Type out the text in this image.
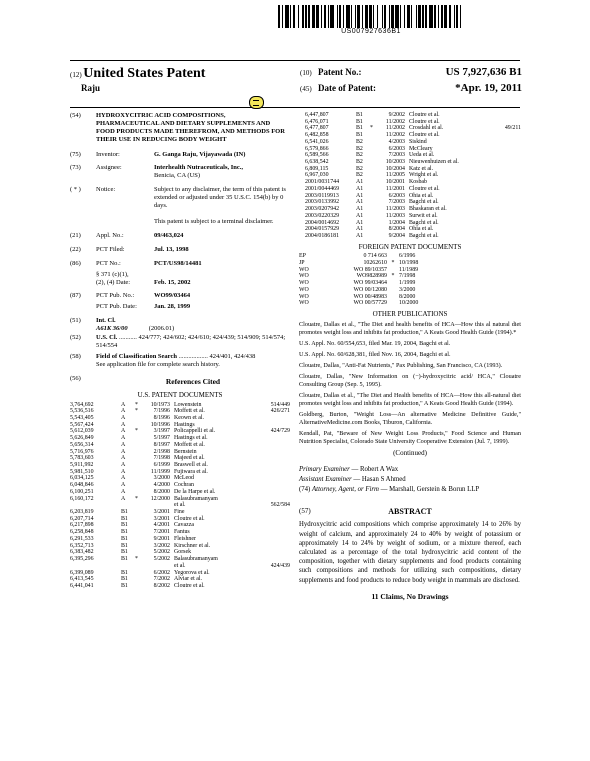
US007927636B1
(12) United States Patent
Raju
(10) Patent No.:	US 7,927,636 B1
(45) Date of Patent:	*Apr. 19, 2011
(54)	HYDROXYCITRIC ACID COMPOSITIONS, PHARMACEUTICAL AND DIETARY SUPPLEMENTS AND FOOD PRODUCTS MADE THEREFROM, AND METHODS FOR THEIR USE IN REDUCING BODY WEIGHT
(75)	Inventor:	G. Ganga Raju, Vijayawada (IN)
(73)	Assignee:	Interhealth Nutraceuticals, Inc.,
Benicia, CA (US)
( * )	Notice:	Subject to any disclaimer, the term of this patent is extended or adjusted under 35 U.S.C. 154(b) by 0 days.

This patent is subject to a terminal disclaimer.
(21)	Appl. No.:	09/463,024
(22)	PCT Filed:	Jul. 13, 1998
(86)	PCT No.:	PCT/US98/14481
§ 371 (c)(1),
(2), (4) Date:	Feb. 15, 2002
(87)	PCT Pub. No.:	WO99/03464
PCT Pub. Date:	Jan. 28, 1999
(51)	Int. Cl.
A61K 36/00	(2006.01)
(52)	U.S. Cl. ........... 424/777; 424/602; 424/610; 424/439; 514/909; 514/574; 514/554
(58)	Field of Classification Search .................. 424/401, 424/438
See application file for complete search history.
(56)	References Cited
U.S. PATENT DOCUMENTS
3,764,692	A	*	10/1973	Lowenstein	514/449
5,536,516	A	*	7/1996	Moffett et al.	426/271
5,543,405	A		8/1996	Keown et al.	
5,567,424	A		10/1996	Hastings	
5,612,039	A	*	3/1997	Policappelli et al.	424/729
5,626,849	A		5/1997	Hastings et al.	
5,656,314	A		8/1997	Moffett et al.	
5,716,976	A		2/1998	Bernstein	
5,783,603	A		7/1998	Majeed et al.	
5,911,992	A		6/1999	Braswell et al.	
5,981,510	A		11/1999	Fujiwara et al.	
6,034,125	A		3/2000	McLeod	
6,048,846	A		4/2000	Cochran	
6,100,251	A		8/2000	De la Harpe et al.	
6,160,172	A	*	12/2000	Balasubramanyam	
				et al.	562/584
6,203,819	B1		3/2001	Fine	
6,207,714	B1		3/2001	Cloutre et al.	
6,217,898	B1		4/2001	Cavazza	
6,258,848	B1		7/2001	Fantus	
6,291,533	B1		9/2001	Fleishner	
6,352,713	B1		3/2002	Kirschner et al.	
6,383,482	B1		5/2002	Gorsek	
6,395,296	B1	*	5/2002	Balasubramanyam	
				et al.	424/439
6,399,089	B1		6/2002	Yegorova et al.	
6,413,545	B1		7/2002	Alviar et al.	
6,441,041	B1		8/2002	Cloutre et al.	
6,447,807	B1		9/2002	Cloutre et al.	
6,476,071	B1		11/2002	Cloutre et al.	
6,477,807	B1	*	11/2002	Crosdahl et al.	49/211
6,482,858	B1		11/2002	Cloutre et al.	
6,541,026	B2		4/2003	Siskind	
6,579,866	B2		6/2003	McCleary	
6,589,566	B2		7/2003	Ueda et al.	
6,638,542	B2		10/2003	Nieuwenhuizen et al.	
6,809,115	B2		10/2004	Katz et al.	
6,967,030	B2		11/2005	Wright et al.	
2001/0031744	A1		10/2001	Kosbab	
2001/0044469	A1		11/2001	Cloutre et al.	
2003/0119913	A1		6/2003	Ohia et al.	
2003/0133992	A1		7/2003	Bagchi et al.	
2003/0207942	A1		11/2003	Bhaskaran et al.	
2003/0220329	A1		11/2003	Surwit et al.	
2004/0014692	A1		1/2004	Bagchi et al.	
2004/0157929	A1		8/2004	Ohia et al.	
2004/0186181	A1		9/2004	Bagchi et al.	
FOREIGN PATENT DOCUMENTS
EP	0 714 663		6/1996
JP	10262610	*	10/1998
WO	WO 89/10357		11/1989
WO	WO9828989	*	7/1998
WO	WO 99/03464		1/1999
WO	WO 00/12080		3/2000
WO	WO 00/48983		8/2000
WO	WO 00/57729		10/2000
OTHER PUBLICATIONS
Clouatre, Dallas et al., "The Diet and health benefits of HCA—How this al natural diet promotes weight loss and inhibits fat production," A Keats Good Health Guide (1994).*
U.S. Appl. No. 60/554,653, filed Mar. 19, 2004, Bagchi et al.
U.S. Appl. No. 60/628,381, filed Nov. 16, 2004, Bagchi et al.
Clouatre, Dallas, "Anti-Fat Nutrients," Pax Publishing, San Francisco, CA (1993).
Clouatre, Dallas, "New Information on (−)-hydroxycitric acid/ HCA," Clouatre Consulting Group (Sep. 5, 1995).
Clouatre, Dallas et al., "The Diet and Health benefits of HCA—How this all-natural diet promotes weight loss and inhibits fat production," A Keats Good Health Guide (1994).
Goldberg, Burton, "Weight Loss—An alternative Medicine Definitive Guide," AlternativeMedicine.com Books, Tiburon, California.
Kendall, Pat, "Beware of New Weight Loss Products," Food Science and Human Nutrition Specialist, Colorado State University Cooperative Extension (Jul. 7, 1999).
(Continued)
Primary Examiner — Robert A Wax
Assistant Examiner — Hasan S Ahmed
(74) Attorney, Agent, or Firm — Marshall, Gerstein & Borun LLP
(57)	ABSTRACT
Hydroxycitric acid compositions which comprise approximately 14 to 26% by weight of calcium, and approximately 24 to 40% by weight of potassium or approximately 14 to 24% by weight of sodium, or a mixture thereof, each calculated as a percentage of the total hydroxycitric acid content of the composition, together with dietary supplements and food products containing such compositions and methods for utilizing such compositions, dietary supplements and food products to reduce body weight in mammals are disclosed.
11 Claims, No Drawings
